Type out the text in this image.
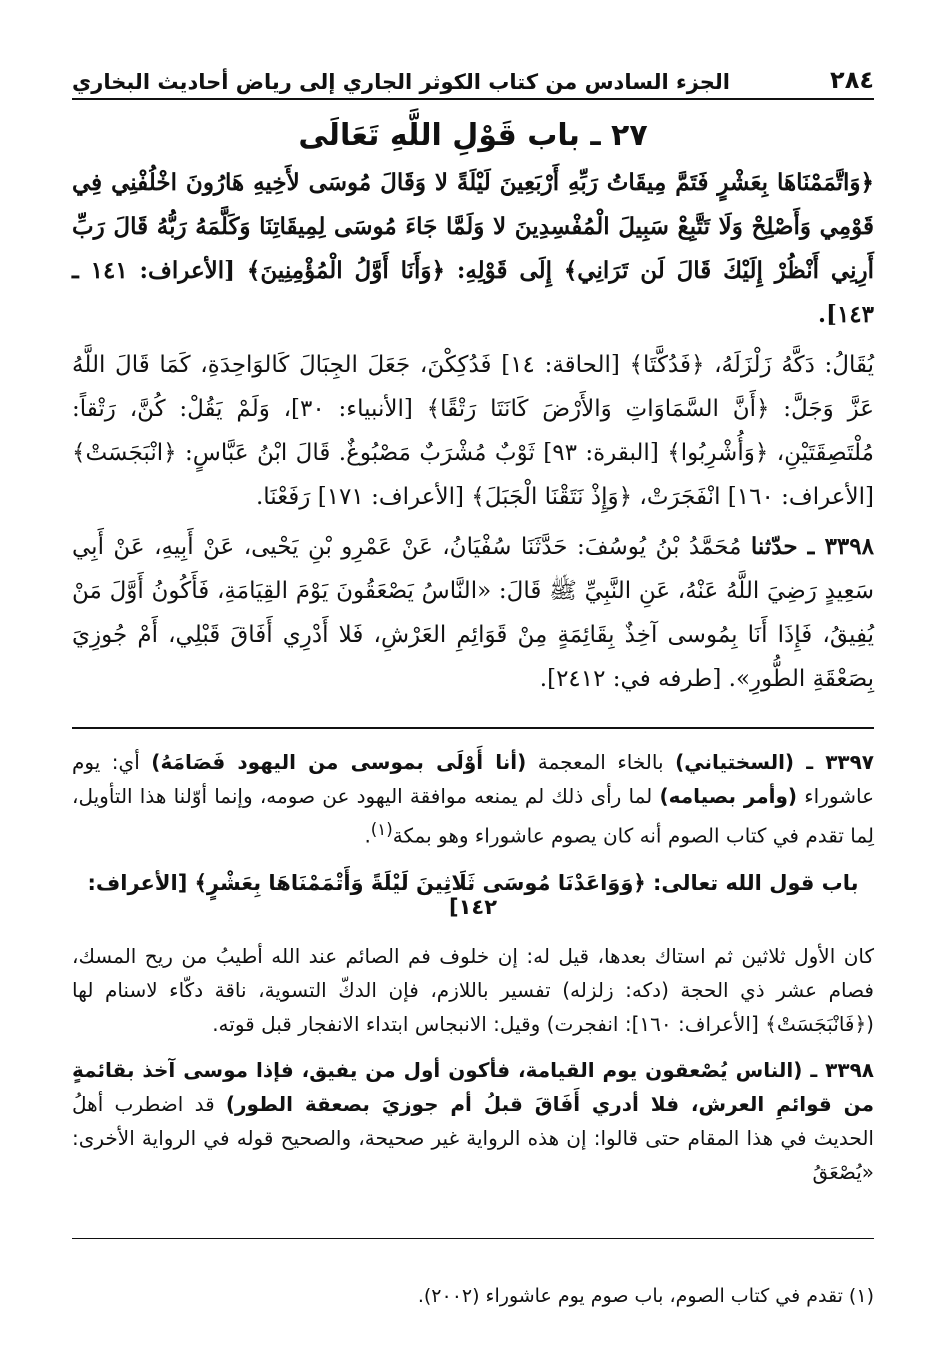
٢٨٤
الجزء السادس من كتاب الكوثر الجاري إلى رياض أحاديث البخاري
٢٧ ـ باب قَوْلِ اللَّهِ تَعَالَى

﴿وَاتَّمَمْنَاهَا بِعَشْرٍ فَتَمَّ مِيقَاتُ رَبِّهِ أَرْبَعِينَ لَيْلَةً لا وَقَالَ مُوسَى لأَخِيهِ هَارُونَ اخْلُفْنِي فِي قَوْمِي وَأَصْلِحْ وَلَا تَتَّبِعْ سَبِيلَ الْمُفْسِدِينَ لا وَلَمَّا جَاءَ مُوسَى لِمِيقَاتِنَا وَكَلَّمَهُ رَبُّهُ قَالَ رَبِّ أَرِنِي أَنْظُرْ إِلَيْكَ قَالَ لَن تَرَانِي﴾ إِلَى قَوْلِهِ: ﴿وَأَنَا أَوَّلُ الْمُؤْمِنِينَ﴾ [الأعراف: ١٤١ ـ ١٤٣].

يُقَالُ: دَكَّهُ زَلْزَلَهُ، ﴿فَدُكَّتَا﴾ [الحاقة: ١٤] فَدُكِكْنَ، جَعَلَ الجِبَالَ كَالوَاحِدَةِ، كَمَا قَالَ اللَّهُ عَزَّ وَجَلَّ: ﴿أَنَّ السَّمَاوَاتِ وَالأَرْضَ كَانَتَا رَتْقًا﴾ [الأنبياء: ٣٠]، وَلَمْ يَقُلْ: كُنَّ، رَتْقاً: مُلْتَصِقَتَيْنِ، ﴿وَأُشْرِبُوا﴾ [البقرة: ٩٣] ثَوْبٌ مُشْرَبٌ مَصْبُوغٌ. قَالَ ابْنُ عَبَّاسٍ: ﴿انْبَجَسَتْ﴾ [الأعراف: ١٦٠] انْفَجَرَتْ، ﴿وَإِذْ نَتَقْنَا الْجَبَلَ﴾ [الأعراف: ١٧١] رَفَعْنَا.

٣٣٩٨ ـ حدّثنا مُحَمَّدُ بْنُ يُوسُفَ: حَدَّثَنَا سُفْيَانُ، عَنْ عَمْرِو بْنِ يَحْيى، عَنْ أَبِيهِ، عَنْ أَبِي سَعِيدٍ رَضِيَ اللَّهُ عَنْهُ، عَنِ النَّبِيِّ ﷺ قَالَ: «النَّاسُ يَصْعَقُونَ يَوْمَ القِيَامَةِ، فَأَكُونُ أَوَّلَ مَنْ يُفِيقُ، فَإِذَا أَنَا بِمُوسى آخِذٌ بِقَائِمَةٍ مِنْ قَوَائِمِ العَرْشِ، فَلا أَدْرِي أَفَاقَ قَبْلِي، أَمْ جُوزِيَ بِصَعْقَةِ الطُّورِ». [طرفه في: ٢٤١٢].

٣٣٩٧ ـ (السختياني) بالخاء المعجمة (أنا أَوْلَى بموسى من اليهود فَصَامَهُ) أي: يوم عاشوراء (وأمر بصيامه) لما رأى ذلك لم يمنعه موافقة اليهود عن صومه، وإنما أوّلنا هذا التأويل، لِما تقدم في كتاب الصوم أنه كان يصوم عاشوراء وهو بمكة$^{(١)}$.

باب قول الله تعالى: ﴿وَوَاعَدْنَا مُوسَى ثَلَاثِينَ لَيْلَةً وَأَتْمَمْنَاهَا بِعَشْرٍ﴾ [الأعراف: ١٤٢]

كان الأول ثلاثين ثم استاك بعدها، قيل له: إن خلوف فم الصائم عند الله أطيبُ من ريح المسك، فصام عشر ذي الحجة (دكه: زلزله) تفسير باللازم، فإن الدكّ التسوية، ناقة دكّاء لاسنام لها (﴿فَانْبَجَسَتْ﴾ [الأعراف: ١٦٠]: انفجرت) وقيل: الانبجاس ابتداء الانفجار قبل قوته.

٣٣٩٨ ـ (الناس يُصْعقون يوم القيامة، فأكون أول من يفيق، فإذا موسى آخذ بقائمةٍ من قوائمِ العرش، فلا أدري أَفَاقَ قبلُ أم جوزيَ بصعقة الطور) قد اضطرب أهلُ الحديث في هذا المقام حتى قالوا: إن هذه الرواية غير صحيحة، والصحيح قوله في الرواية الأخرى: «يُصْعَقُ

(١) تقدم في كتاب الصوم، باب صوم يوم عاشوراء (٢٠٠٢).
